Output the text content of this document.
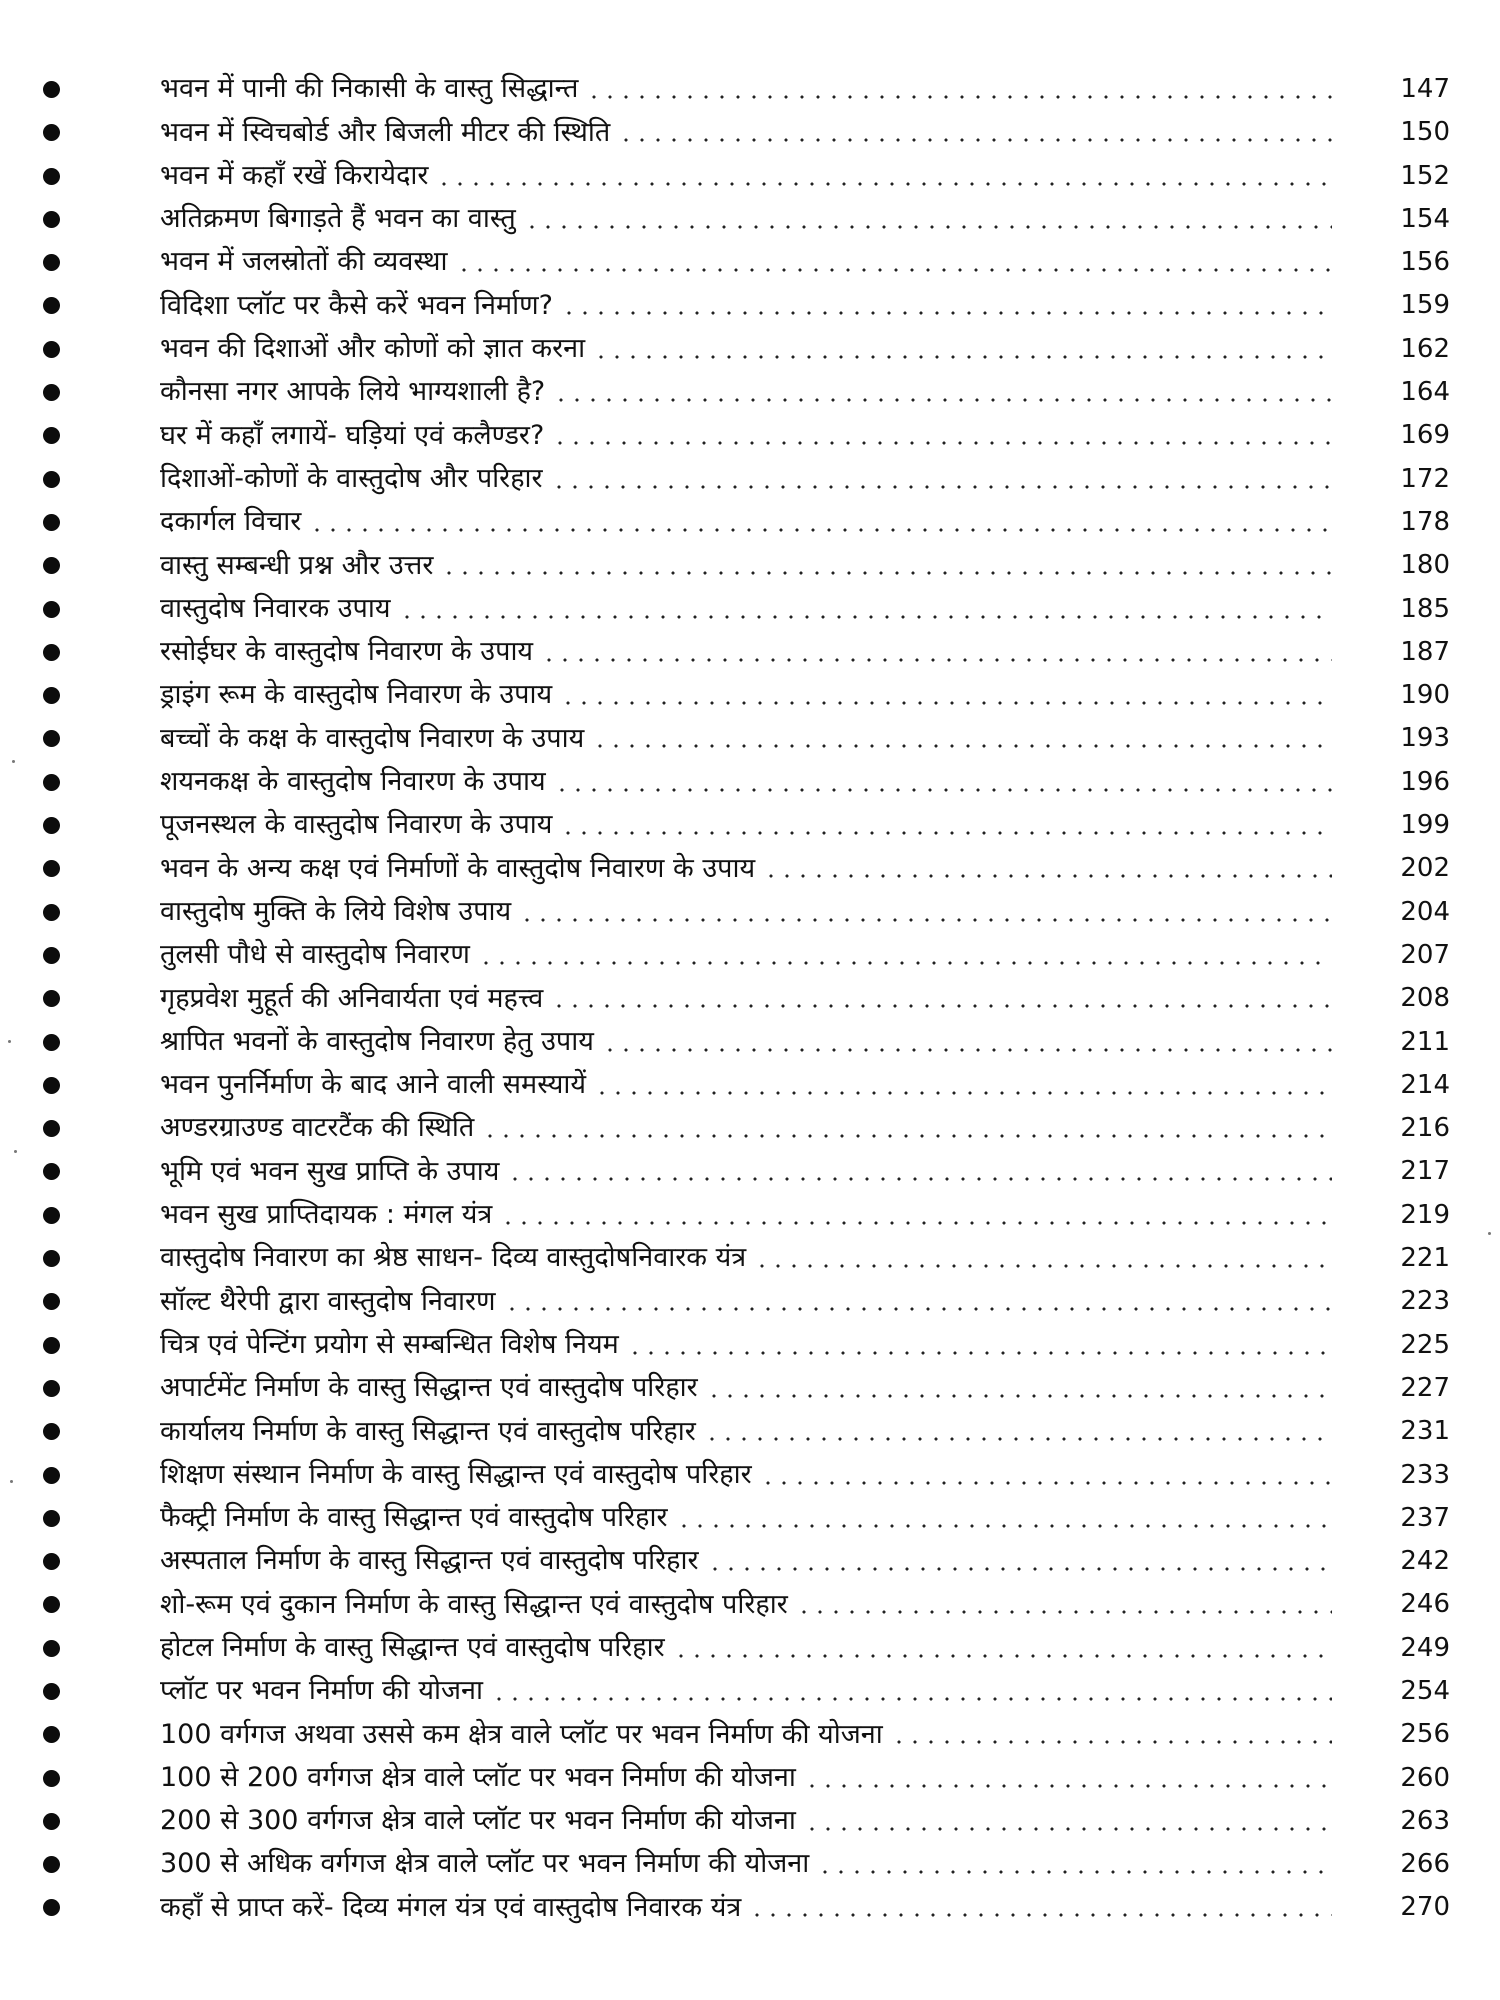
भवन में पानी की निकासी के वास्तु सिद्धान्त	147
भवन में स्विचबोर्ड और बिजली मीटर की स्थिति	150
भवन में कहाँ रखें किरायेदार	152
अतिक्रमण बिगाड़ते हैं भवन का वास्तु	154
भवन में जलस्रोतों की व्यवस्था	156
विदिशा प्लॉट पर कैसे करें भवन निर्माण?	159
भवन की दिशाओं और कोणों को ज्ञात करना	162
कौनसा नगर आपके लिये भाग्यशाली है?	164
घर में कहाँ लगायें- घड़ियां एवं कलैण्डर?	169
दिशाओं-कोणों के वास्तुदोष और परिहार	172
दकार्गल विचार	178
वास्तु सम्बन्धी प्रश्न और उत्तर	180
वास्तुदोष निवारक उपाय	185
रसोईघर के वास्तुदोष निवारण के उपाय	187
ड्राइंग रूम के वास्तुदोष निवारण के उपाय	190
बच्चों के कक्ष के वास्तुदोष निवारण के उपाय	193
शयनकक्ष के वास्तुदोष निवारण के उपाय	196
पूजनस्थल के वास्तुदोष निवारण के उपाय	199
भवन के अन्य कक्ष एवं निर्माणों के वास्तुदोष निवारण के उपाय	202
वास्तुदोष मुक्ति के लिये विशेष उपाय	204
तुलसी पौधे से वास्तुदोष निवारण	207
गृहप्रवेश मुहूर्त की अनिवार्यता एवं महत्त्व	208
श्रापित भवनों के वास्तुदोष निवारण हेतु उपाय	211
भवन पुनर्निर्माण के बाद आने वाली समस्यायें	214
अण्डरग्राउण्ड वाटरटैंक की स्थिति	216
भूमि एवं भवन सुख प्राप्ति के उपाय	217
भवन सुख प्राप्तिदायक : मंगल यंत्र	219
वास्तुदोष निवारण का श्रेष्ठ साधन- दिव्य वास्तुदोषनिवारक यंत्र	221
सॉल्ट थैरेपी द्वारा वास्तुदोष निवारण	223
चित्र एवं पेन्टिंग प्रयोग से सम्बन्धित विशेष नियम	225
अपार्टमेंट निर्माण के वास्तु सिद्धान्त एवं वास्तुदोष परिहार	227
कार्यालय निर्माण के वास्तु सिद्धान्त एवं वास्तुदोष परिहार	231
शिक्षण संस्थान निर्माण के वास्तु सिद्धान्त एवं वास्तुदोष परिहार	233
फैक्ट्री निर्माण के वास्तु सिद्धान्त एवं वास्तुदोष परिहार	237
अस्पताल निर्माण के वास्तु सिद्धान्त एवं वास्तुदोष परिहार	242
शो-रूम एवं दुकान निर्माण के वास्तु सिद्धान्त एवं वास्तुदोष परिहार	246
होटल निर्माण के वास्तु सिद्धान्त एवं वास्तुदोष परिहार	249
प्लॉट पर भवन निर्माण की योजना	254
100 वर्गगज अथवा उससे कम क्षेत्र वाले प्लॉट पर भवन निर्माण की योजना	256
100 से 200 वर्गगज क्षेत्र वाले प्लॉट पर भवन निर्माण की योजना	260
200 से 300 वर्गगज क्षेत्र वाले प्लॉट पर भवन निर्माण की योजना	263
300 से अधिक वर्गगज क्षेत्र वाले प्लॉट पर भवन निर्माण की योजना	266
कहाँ से प्राप्त करें- दिव्य मंगल यंत्र एवं वास्तुदोष निवारक यंत्र	270
